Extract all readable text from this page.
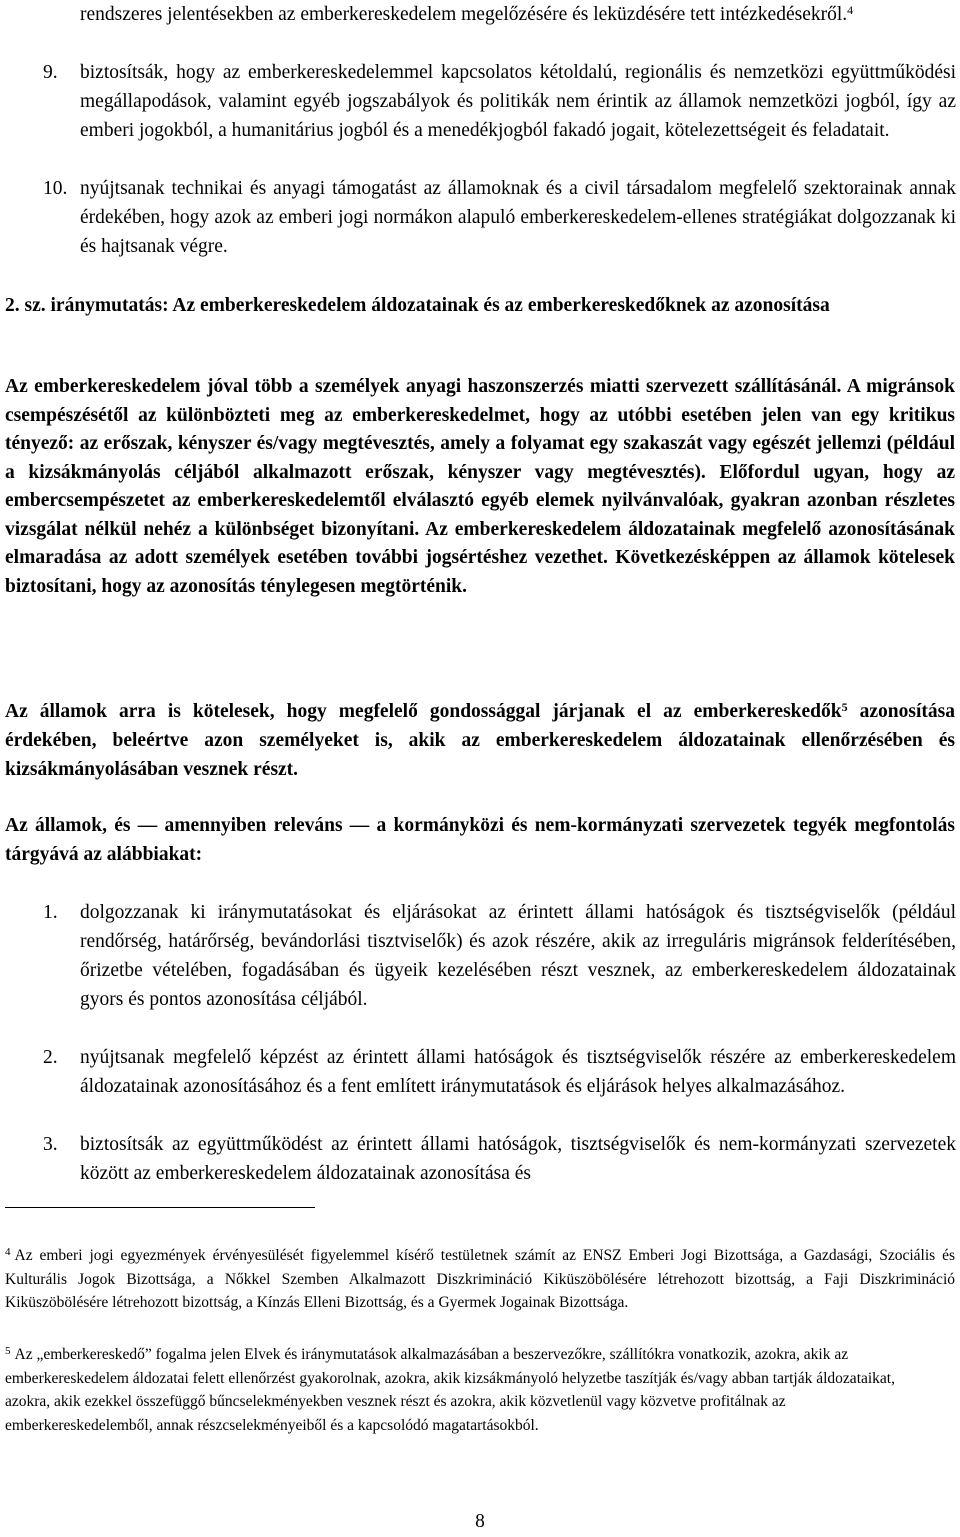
rendszeres jelentésekben az emberkereskedelem megelőzésére és leküzdésére tett intézkedésekről.$^4$
9. biztosítsák, hogy az emberkereskedelemmel kapcsolatos kétoldalú, regionális és nemzetközi együttműködési megállapodások, valamint egyéb jogszabályok és politikák nem érintik az államok nemzetközi jogból, így az emberi jogokból, a humanitárius jogból és a menedékjogból fakadó jogait, kötelezettségeit és feladatait.
10. nyújtsanak technikai és anyagi támogatást az államoknak és a civil társadalom megfelelő szektorainak annak érdekében, hogy azok az emberi jogi normákon alapuló emberkereskedelem-ellenes stratégiákat dolgozzanak ki és hajtsanak végre.
2. sz. iránymutatás: Az emberkereskedelem áldozatainak és az emberkereskedőknek az azonosítása
Az emberkereskedelem jóval több a személyek anyagi haszonszerzés miatti szervezett szállításánál. A migránsok csempészésétől az különbözteti meg az emberkereskedelmet, hogy az utóbbi esetében jelen van egy kritikus tényező: az erőszak, kényszer és/vagy megtévesztés, amely a folyamat egy szakaszát vagy egészét jellemzi (például a kizsákmányolás céljából alkalmazott erőszak, kényszer vagy megtévesztés). Előfordul ugyan, hogy az embercsempészetet az emberkereskedelemtől elválasztó egyéb elemek nyilvánvalóak, gyakran azonban részletes vizsgálat nélkül nehéz a különbséget bizonyítani. Az emberkereskedelem áldozatainak megfelelő azonosításának elmaradása az adott személyek esetében további jogsértéshez vezethet. Következésképpen az államok kötelesek biztosítani, hogy az azonosítás ténylegesen megtörténik.
Az államok arra is kötelesek, hogy megfelelő gondossággal járjanak el az emberkereskedők$^5$ azonosítása érdekében, beleértve azon személyeket is, akik az emberkereskedelem áldozatainak ellenőrzésében és kizsákmányolásában vesznek részt.
Az államok, és — amennyiben releváns — a kormányközi és nem-kormányzati szervezetek tegyék megfontolás tárgyává az alábbiakat:
1. dolgozzanak ki iránymutatásokat és eljárásokat az érintett állami hatóságok és tisztségviselők (például rendőrség, határőrség, bevándorlási tisztviselők) és azok részére, akik az irreguláris migránsok felderítésében, őrizetbe vételében, fogadásában és ügyeik kezelésében részt vesznek, az emberkereskedelem áldozatainak gyors és pontos azonosítása céljából.
2. nyújtsanak megfelelő képzést az érintett állami hatóságok és tisztségviselők részére az emberkereskedelem áldozatainak azonosításához és a fent említett iránymutatások és eljárások helyes alkalmazásához.
3. biztosítsák az együttműködést az érintett állami hatóságok, tisztségviselők és nem-kormányzati szervezetek között az emberkereskedelem áldozatainak azonosítása és
$^4$ Az emberi jogi egyezmények érvényesülését figyelemmel kísérő testületnek számít az ENSZ Emberi Jogi Bizottsága, a Gazdasági, Szociális és Kulturális Jogok Bizottsága, a Nőkkel Szemben Alkalmazott Diszkrimináció Kiküszöbölésére létrehozott bizottság, a Faji Diszkrimináció Kiküszöbölésére létrehozott bizottság, a Kínzás Elleni Bizottság, és a Gyermek Jogainak Bizottsága.
$^5$ Az „emberkereskedő” fogalma jelen Elvek és iránymutatások alkalmazásában a beszervezőkre, szállítókra vonatkozik, azokra, akik az emberkereskedelem áldozatai felett ellenőrzést gyakorolnak, azokra, akik kizsákmányoló helyzetbe taszítják és/vagy abban tartják áldozataikat, azokra, akik ezekkel összefüggő bűncselekményekben vesznek részt és azokra, akik közvetlenül vagy közvetve profitálnak az emberkereskedelemből, annak részcselekményeiből és a kapcsolódó magatartásokból.
8
